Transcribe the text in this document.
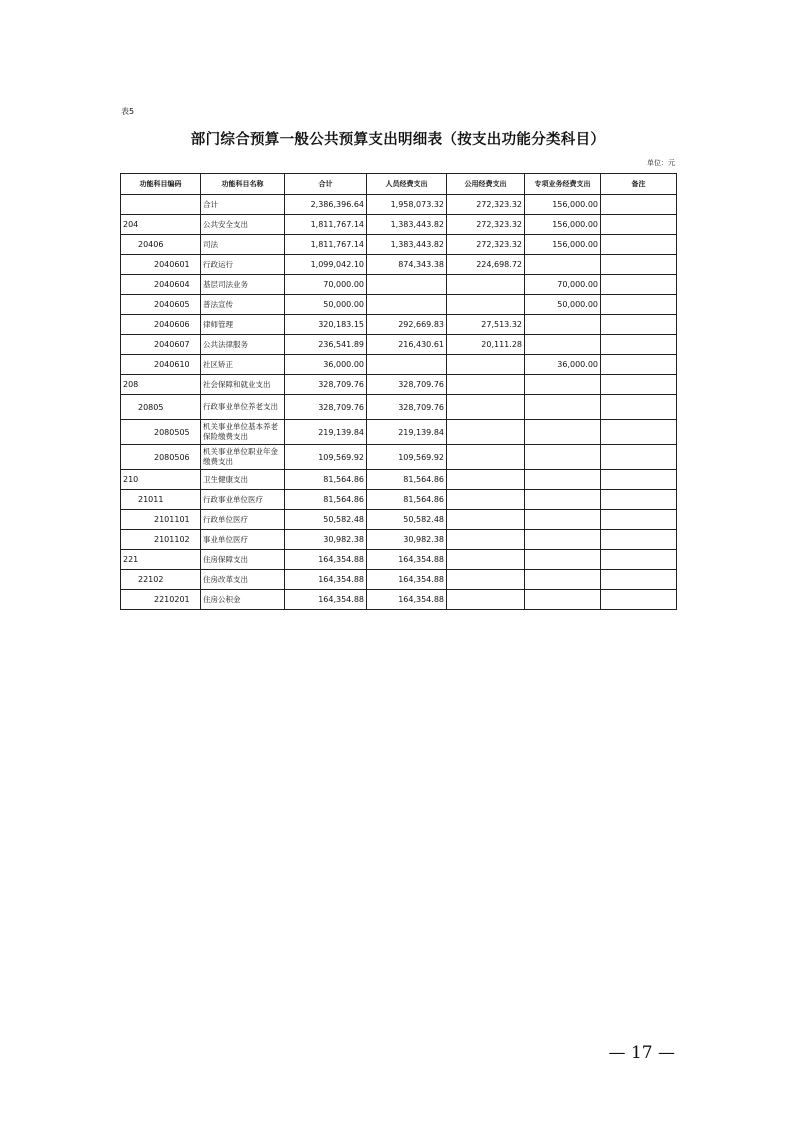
表5
部门综合预算一般公共预算支出明细表（按支出功能分类科目）
单位：元
功能科目编码	功能科目名称	合计	人员经费支出	公用经费支出	专项业务经费支出	备注
	合计	2,386,396.64	1,958,073.32	272,323.32	156,000.00	
204	公共安全支出	1,811,767.14	1,383,443.82	272,323.32	156,000.00	
20406	司法	1,811,767.14	1,383,443.82	272,323.32	156,000.00	
2040601	行政运行	1,099,042.10	874,343.38	224,698.72		
2040604	基层司法业务	70,000.00			70,000.00	
2040605	普法宣传	50,000.00			50,000.00	
2040606	律师管理	320,183.15	292,669.83	27,513.32		
2040607	公共法律服务	236,541.89	216,430.61	20,111.28		
2040610	社区矫正	36,000.00			36,000.00	
208	社会保障和就业支出	328,709.76	328,709.76			
20805	行政事业单位养老支出	328,709.76	328,709.76			
2080505	机关事业单位基本养老保险缴费支出	219,139.84	219,139.84			
2080506	机关事业单位职业年金缴费支出	109,569.92	109,569.92			
210	卫生健康支出	81,564.86	81,564.86			
21011	行政事业单位医疗	81,564.86	81,564.86			
2101101	行政单位医疗	50,582.48	50,582.48			
2101102	事业单位医疗	30,982.38	30,982.38			
221	住房保障支出	164,354.88	164,354.88			
22102	住房改革支出	164,354.88	164,354.88			
2210201	住房公积金	164,354.88	164,354.88			
— 17 —
